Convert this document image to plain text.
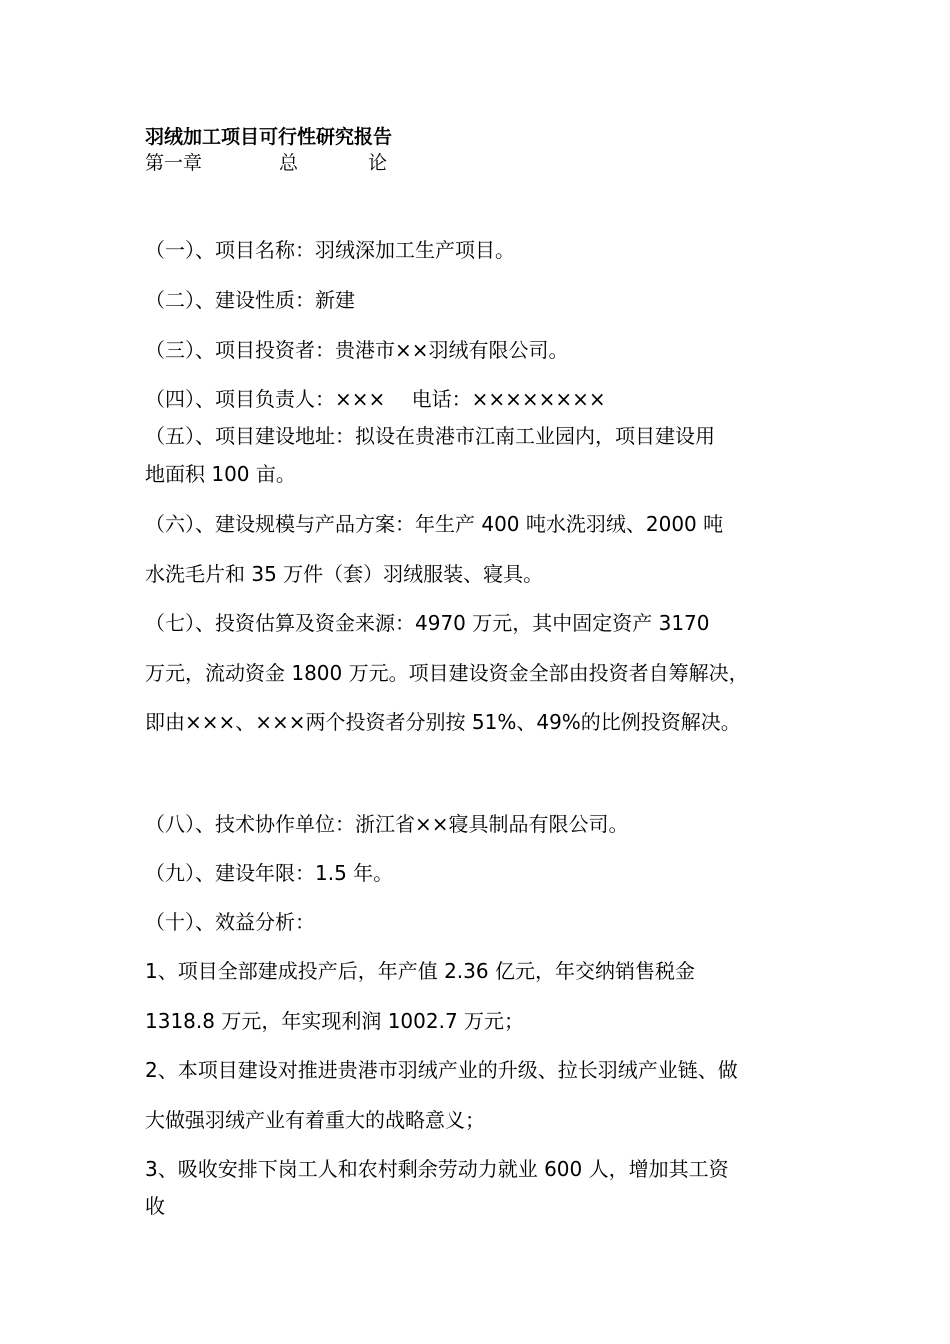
羽绒加工项目可行性研究报告
第一章	总	论
（一）、项目名称：羽绒深加工生产项目。
（二）、建设性质：新建
（三）、项目投资者：贵港市××羽绒有限公司。
（四）、项目负责人：×××　 电话：××××××××
（五）、项目建设地址：拟设在贵港市江南工业园内，项目建设用
地面积 100 亩。
（六）、建设规模与产品方案：年生产 400 吨水洗羽绒、2000 吨
水洗毛片和 35 万件（套）羽绒服装、寝具。
（七）、投资估算及资金来源：4970 万元，其中固定资产 3170
万元，流动资金 1800 万元。项目建设资金全部由投资者自筹解决，
即由×××、×××两个投资者分别按 51%、49%的比例投资解决。
（八）、技术协作单位：浙江省××寝具制品有限公司。
（九）、建设年限：1.5 年。
（十）、效益分析：
1、项目全部建成投产后，年产值 2.36 亿元，年交纳销售税金
1318.8 万元，年实现利润 1002.7 万元；
2、本项目建设对推进贵港市羽绒产业的升级、拉长羽绒产业链、做
大做强羽绒产业有着重大的战略意义；
3、吸收安排下岗工人和农村剩余劳动力就业 600 人，增加其工资
收
